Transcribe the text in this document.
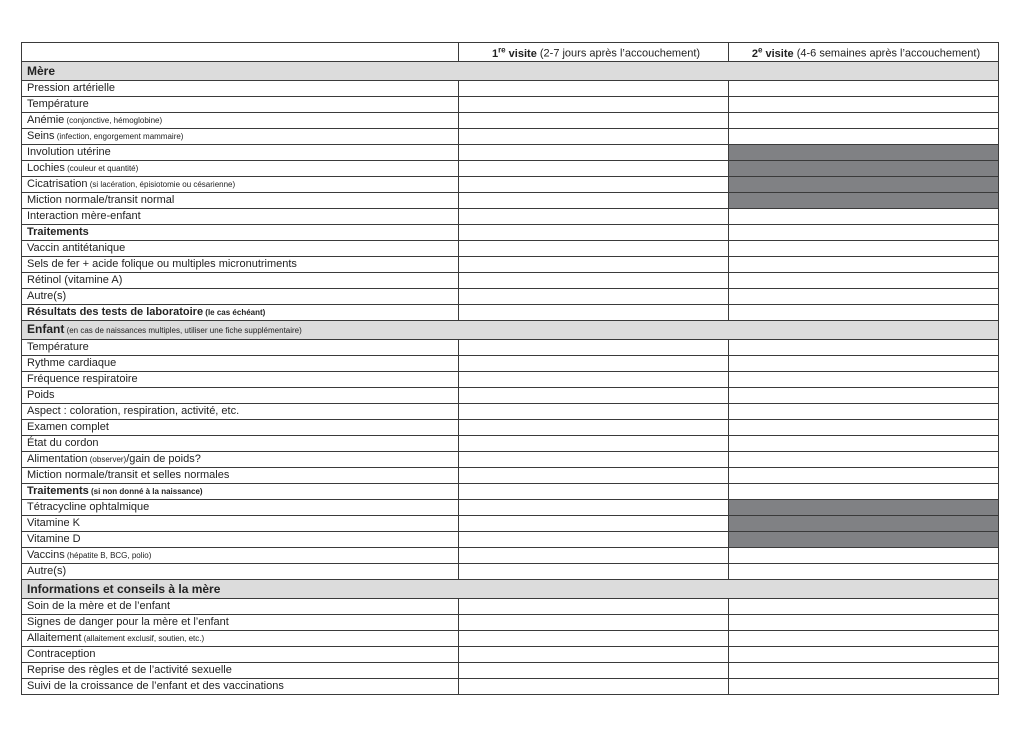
	1re visite (2-7 jours après l’accouchement)	2e visite (4-6 semaines après l’accouchement)
Mère		
Pression artérielle		
Température		
Anémie (conjonctive, hémoglobine)		
Seins (infection, engorgement mammaire)		
Involution utérine		
Lochies (couleur et quantité)		
Cicatrisation (si lacération, épisiotomie ou césarienne)		
Miction normale/transit normal		
Interaction mère-enfant		
Traitements		
Vaccin antitétanique		
Sels de fer + acide folique ou multiples micronutriments		
Rétinol (vitamine A)		
Autre(s)		
Résultats des tests de laboratoire (le cas échéant)		
Enfant (en cas de naissances multiples, utiliser une fiche supplémentaire)		
Température		
Rythme cardiaque		
Fréquence respiratoire		
Poids		
Aspect : coloration, respiration, activité, etc.		
Examen complet		
État du cordon		
Alimentation (observer)/gain de poids?		
Miction normale/transit et selles normales		
Traitements (si non donné à la naissance)		
Tétracycline ophtalmique		
Vitamine K		
Vitamine D		
Vaccins (hépatite B, BCG, polio)		
Autre(s)		
Informations et conseils à la mère		
Soin de la mère et de l’enfant		
Signes de danger pour la mère et l’enfant		
Allaitement (allaitement exclusif, soutien, etc.)		
Contraception		
Reprise des règles et de l’activité sexuelle		
Suivi de la croissance de l’enfant et des vaccinations		
